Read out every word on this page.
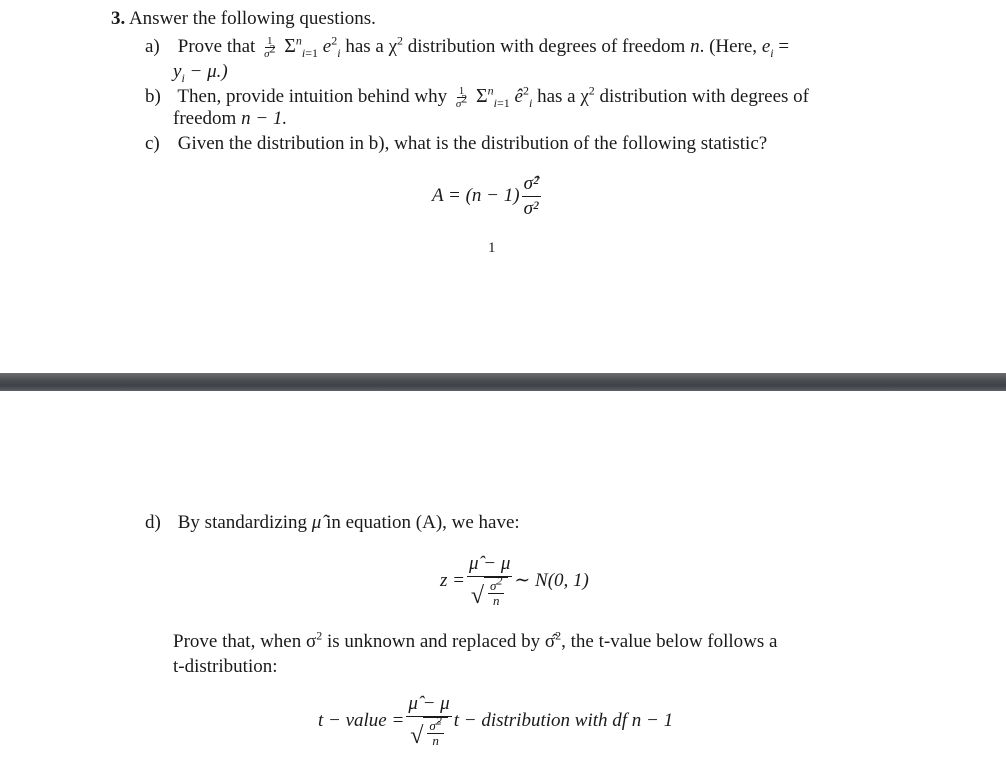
3. Answer the following questions.
a) Prove that $\frac{1}{\sigma^2} \Sigma^n_{i=1}$ $e^2_i$ has a $\chi^2$ distribution with degrees of freedom n. (Here, $e_i$ =
$y_i - \mu$.)
b) Then, provide intuition behind why $\frac{1}{\sigma^2} \Sigma^n_{i=1}$ $ê^2_i$ has a $\chi^2$ distribution with degrees of
freedom n − 1.
c) Given the distribution in b), what is the distribution of the following statistic?
$A = (n - 1) \frac{\text{σ̂²}}{\text{σ²}}$
1
d) By standardizing μ̂ in equation (A), we have:
$z = \frac{\mû - \mu}{√ \frac{\sigma^2}{n}}$ ∼ N(0, 1)
Prove that, when $\sigma^2$ is unknown and replaced by σ̂$^2$, the t-value below follows a
t-distribution:
t − value = $\frac{\mû - \mu}{√ \frac{\sigmâ^2}{n}}$ t − distribution with df n − 1
